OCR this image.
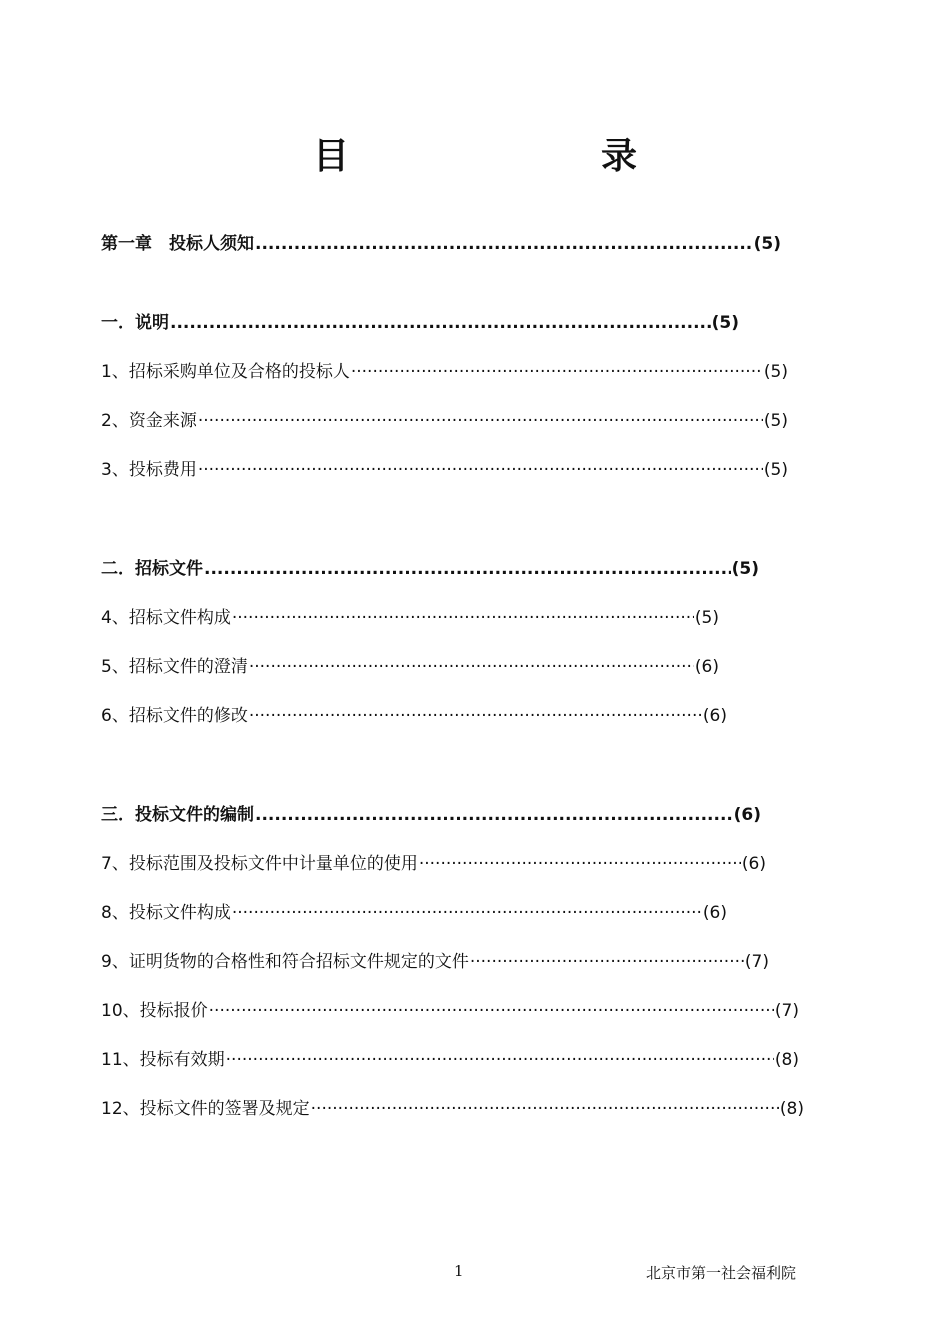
目　　录
第一章　投标人须知 .....	(5)
一．说明 .....	(5)
1、招标采购单位及合格的投标人 ·····	(5)
2、资金来源 ·····	(5)
3、投标费用 ·····	(5)
二．招标文件 .....	(5)
4、招标文件构成 ·····	(5)
5、招标文件的澄清 ·····	(6)
6、招标文件的修改 ·····	(6)
三．投标文件的编制 .....	(6)
7、投标范围及投标文件中计量单位的使用 ·····	(6)
8、投标文件构成 ·····	(6)
9、证明货物的合格性和符合招标文件规定的文件 ·····	(7)
10、投标报价 ·····	(7)
11、投标有效期 ·····	(8)
12、投标文件的签署及规定 ·····	(8)
1	北京市第一社会福利院
